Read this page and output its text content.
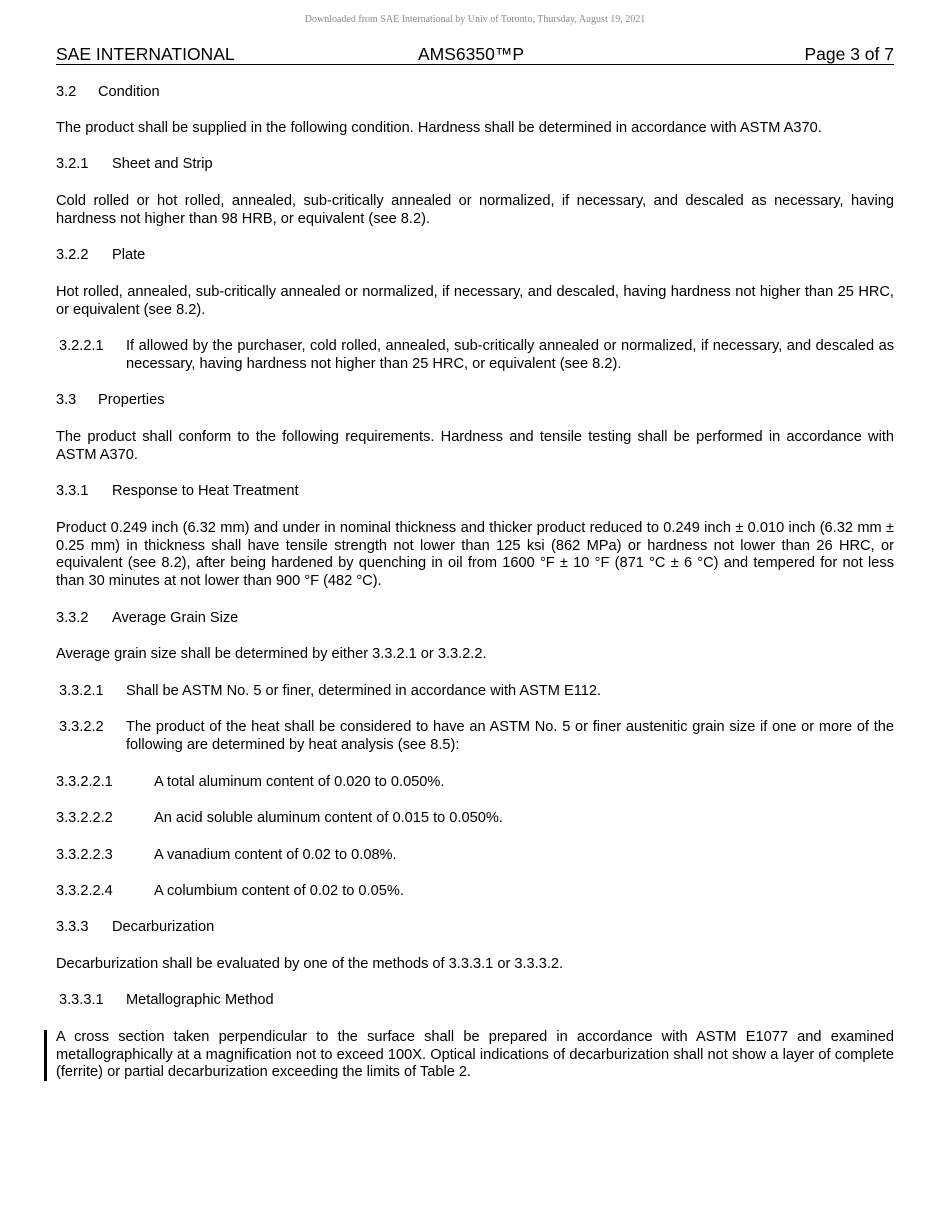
Downloaded from SAE International by Univ of Toronto, Thursday, August 19, 2021
SAE INTERNATIONAL	AMS6350™P	Page 3 of 7
3.2 Condition

The product shall be supplied in the following condition. Hardness shall be determined in accordance with ASTM A370.

3.2.1 Sheet and Strip

Cold rolled or hot rolled, annealed, sub-critically annealed or normalized, if necessary, and descaled as necessary, having hardness not higher than 98 HRB, or equivalent (see 8.2).

3.2.2 Plate

Hot rolled, annealed, sub-critically annealed or normalized, if necessary, and descaled, having hardness not higher than 25 HRC, or equivalent (see 8.2).

3.2.2.1 If allowed by the purchaser, cold rolled, annealed, sub-critically annealed or normalized, if necessary, and descaled as necessary, having hardness not higher than 25 HRC, or equivalent (see 8.2).
3.3 Properties

The product shall conform to the following requirements. Hardness and tensile testing shall be performed in accordance with ASTM A370.

3.3.1 Response to Heat Treatment

Product 0.249 inch (6.32 mm) and under in nominal thickness and thicker product reduced to 0.249 inch ± 0.010 inch (6.32 mm ± 0.25 mm) in thickness shall have tensile strength not lower than 125 ksi (862 MPa) or hardness not lower than 26 HRC, or equivalent (see 8.2), after being hardened by quenching in oil from 1600 °F ± 10 °F (871 °C ± 6 °C) and tempered for not less than 30 minutes at not lower than 900 °F (482 °C).

3.3.2 Average Grain Size

Average grain size shall be determined by either 3.3.2.1 or 3.3.2.2.

3.3.2.1 Shall be ASTM No. 5 or finer, determined in accordance with ASTM E112.
3.3.2.2 The product of the heat shall be considered to have an ASTM No. 5 or finer austenitic grain size if one or more of the following are determined by heat analysis (see 8.5):
3.3.2.2.1	A total aluminum content of 0.020 to 0.050%.
3.3.2.2.2	An acid soluble aluminum content of 0.015 to 0.050%.
3.3.2.2.3	A vanadium content of 0.02 to 0.08%.
3.3.2.2.4	A columbium content of 0.02 to 0.05%.
3.3.3 Decarburization

Decarburization shall be evaluated by one of the methods of 3.3.3.1 or 3.3.3.2.

3.3.3.1 Metallographic Method

A cross section taken perpendicular to the surface shall be prepared in accordance with ASTM E1077 and examined metallographically at a magnification not to exceed 100X. Optical indications of decarburization shall not show a layer of complete (ferrite) or partial decarburization exceeding the limits of Table 2.
